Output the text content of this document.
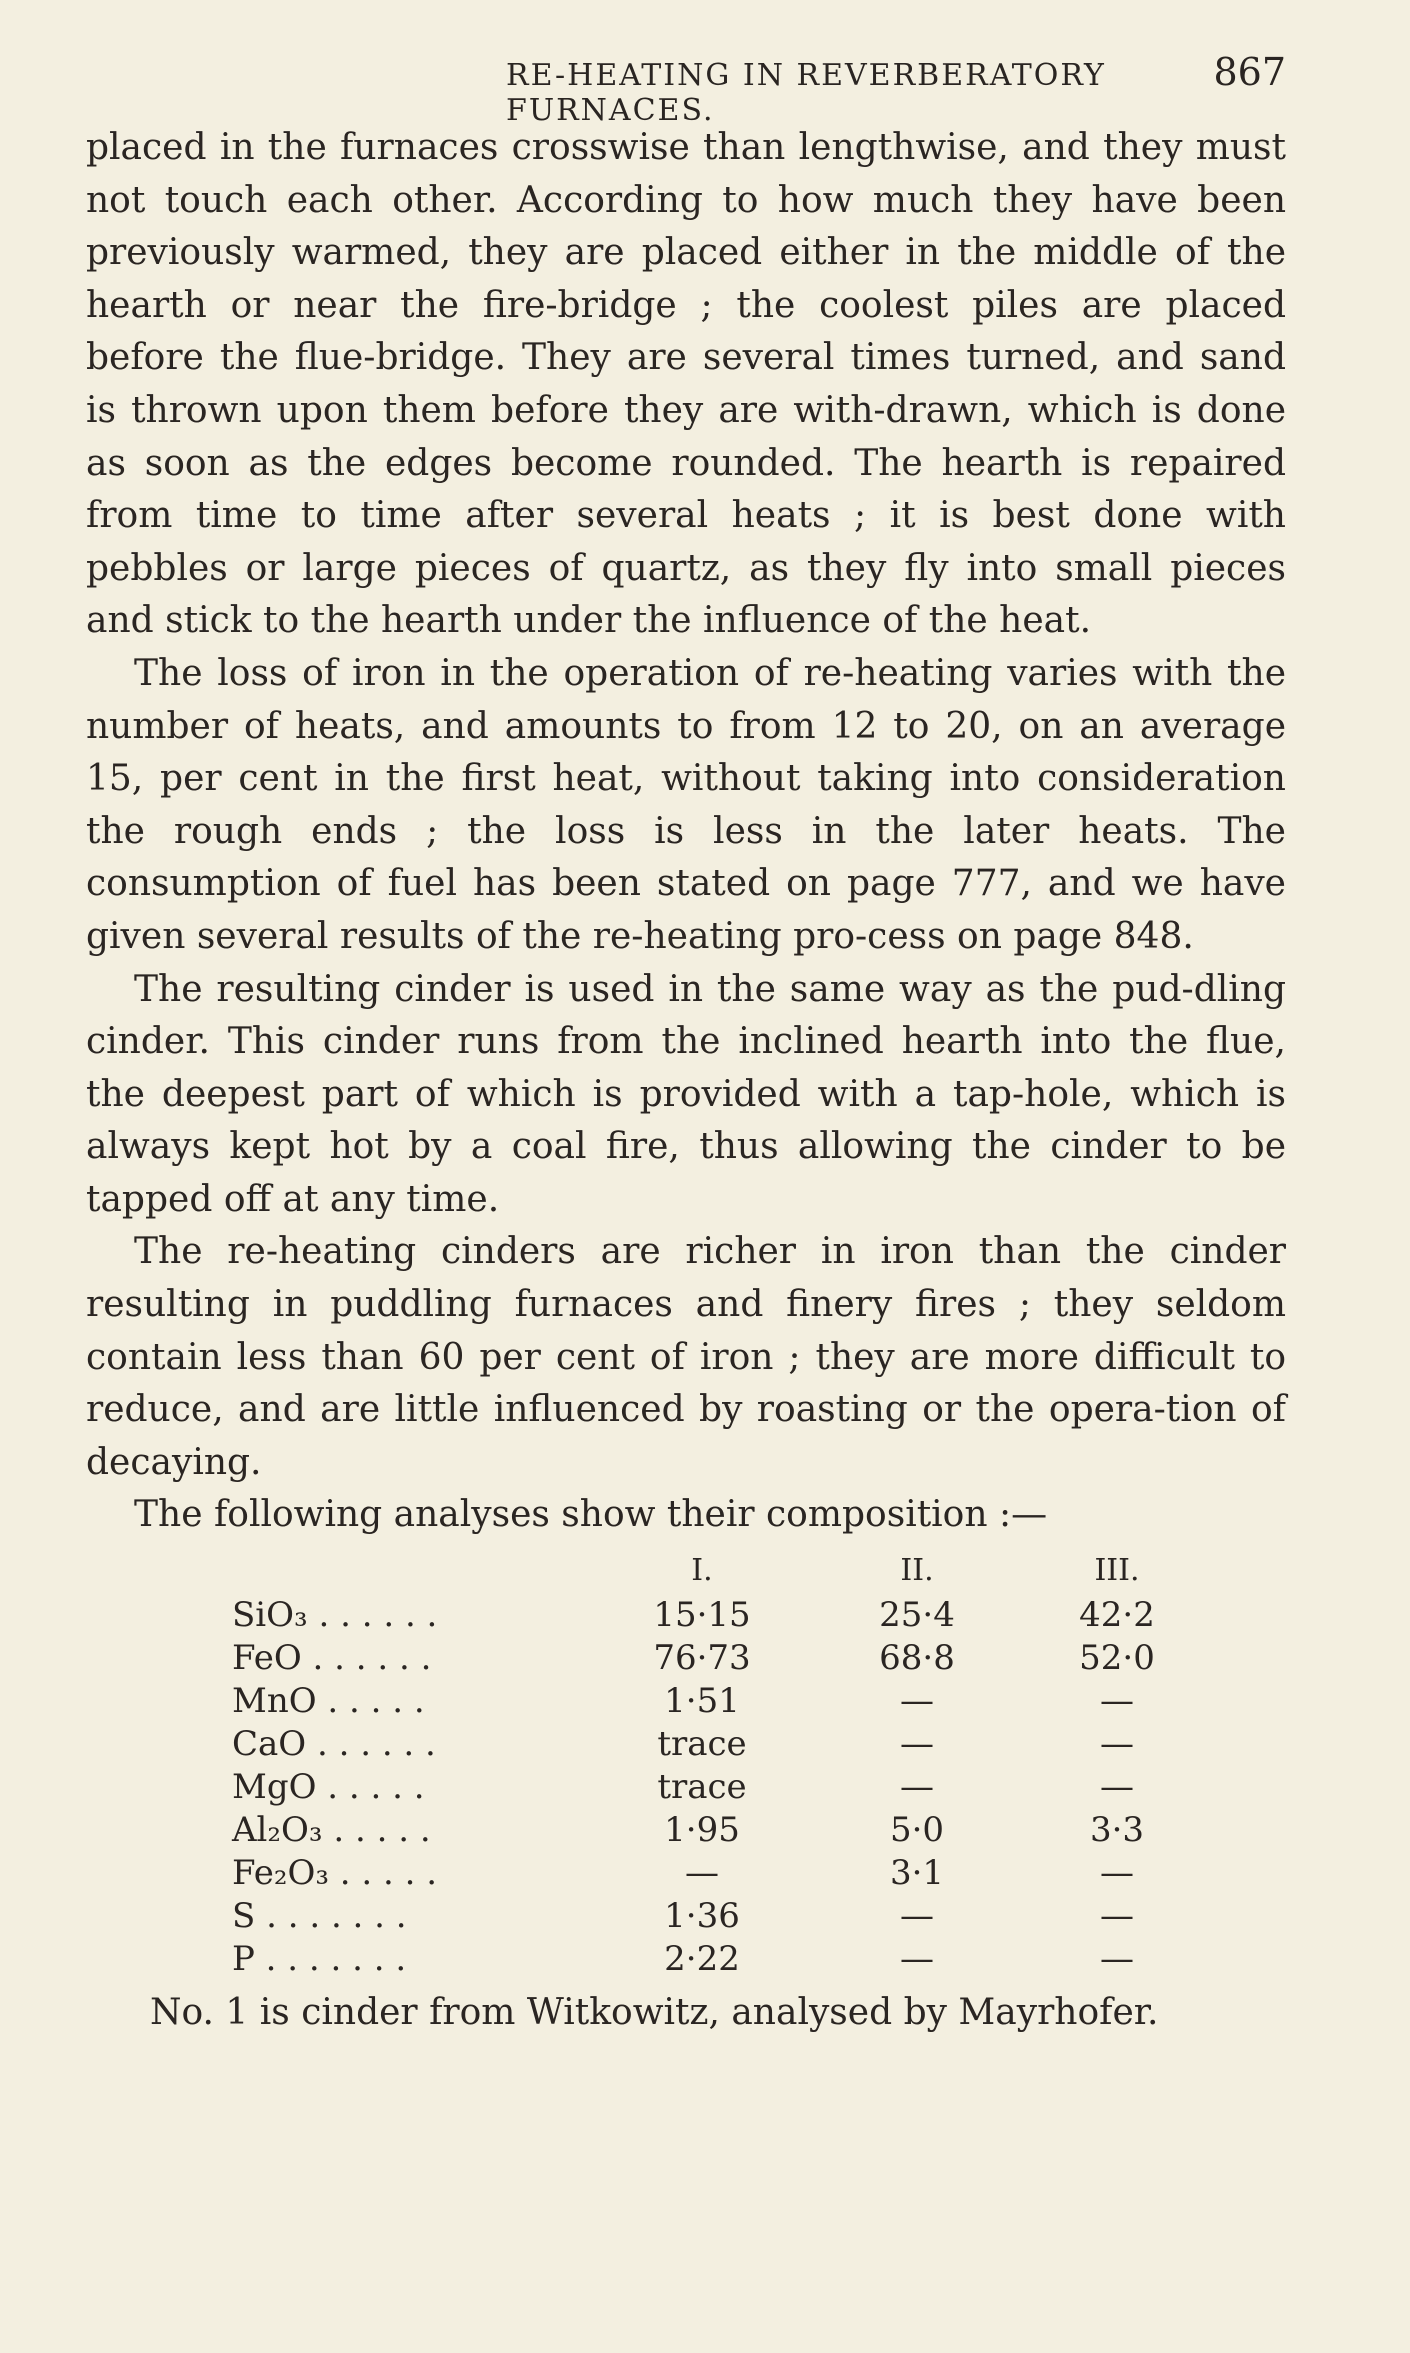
RE-HEATING IN REVERBERATORY FURNACES.
867

placed in the furnaces crosswise than lengthwise, and they must not touch each other. According to how much they have been previously warmed, they are placed either in the middle of the hearth or near the fire-bridge ; the coolest piles are placed before the flue-bridge. They are several times turned, and sand is thrown upon them before they are with-drawn, which is done as soon as the edges become rounded. The hearth is repaired from time to time after several heats ; it is best done with pebbles or large pieces of quartz, as they fly into small pieces and stick to the hearth under the influence of the heat.

The loss of iron in the operation of re-heating varies with the number of heats, and amounts to from 12 to 20, on an average 15, per cent in the first heat, without taking into consideration the rough ends ; the loss is less in the later heats. The consumption of fuel has been stated on page 777, and we have given several results of the re-heating pro-cess on page 848.

The resulting cinder is used in the same way as the pud-dling cinder. This cinder runs from the inclined hearth into the flue, the deepest part of which is provided with a tap-hole, which is always kept hot by a coal fire, thus allowing the cinder to be tapped off at any time.

The re-heating cinders are richer in iron than the cinder resulting in puddling furnaces and finery fires ; they seldom contain less than 60 per cent of iron ; they are more difficult to reduce, and are little influenced by roasting or the opera-tion of decaying.

The following analyses show their composition :—

	I.	II.	III.
SiO₃ . . . . . .	15·15	25·4	42·2
FeO . . . . . .	76·73	68·8	52·0
MnO . . . . .	1·51	—	—
CaO . . . . . .	trace	—	—
MgO . . . . .	trace	—	—
Al₂O₃ . . . . .	1·95	5·0	3·3
Fe₂O₃ . . . . .	—	3·1	—
S . . . . . . .	1·36	—	—
P . . . . . . .	2·22	—	—

No. 1 is cinder from Witkowitz, analysed by Mayrhofer.
